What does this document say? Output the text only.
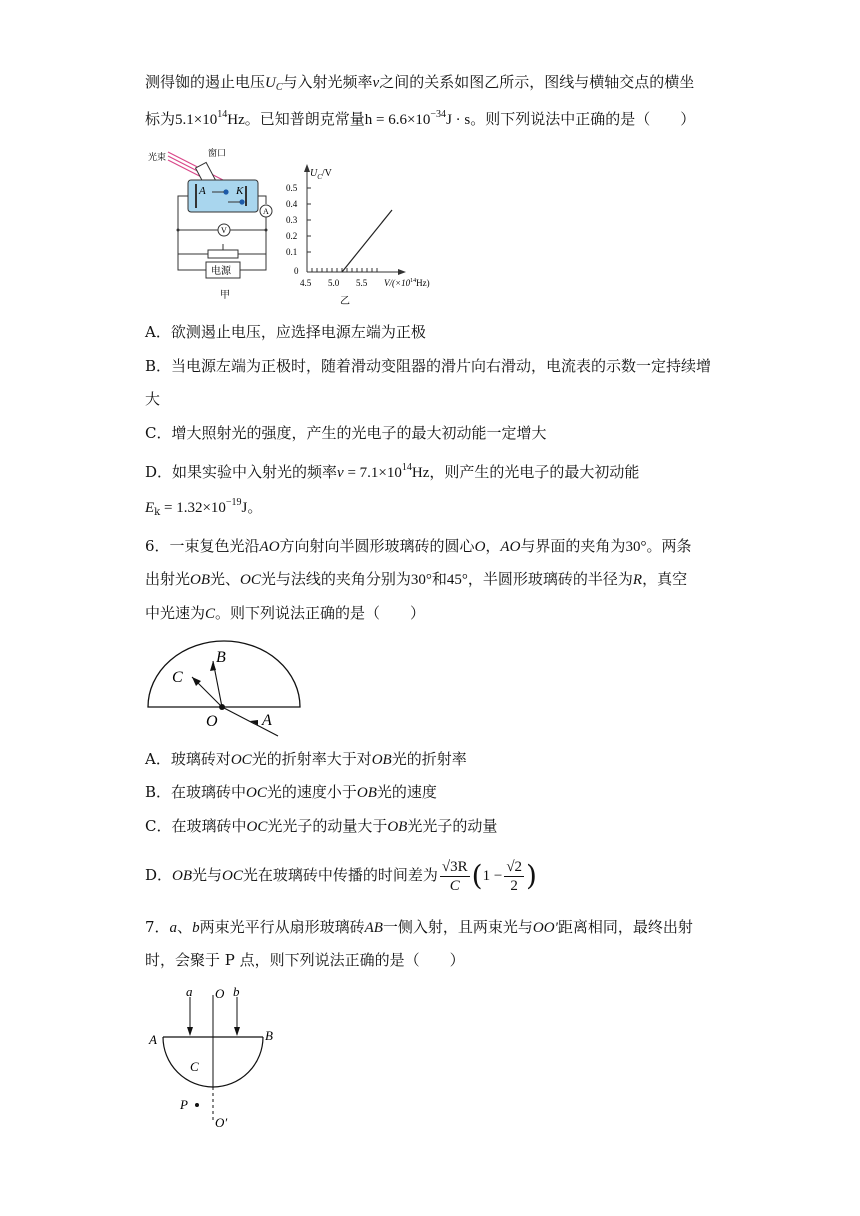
测得铷的遏止电压$U_C$与入射光频率v之间的关系如图乙所示，图线与横轴交点的横坐
标为$5.1\times 10^{14}Hz$。已知普朗克常量$h = 6.6\times 10^{-34}J \cdot s$。则下列说法中正确的是（　　）
光束	窗口
A	K
A
V
电源
甲
$U_C/V$
0.5
0.4
0.3
0.2
0.1
0
4.5 5.0 5.5 $V/(\times 10^{14}Hz)$
乙
A．欲测遏止电压，应选择电源左端为正极
B．当电源左端为正极时，随着滑动变阻器的滑片向右滑动，电流表的示数一定持续增
大
C．增大照射光的强度，产生的光电子的最大初动能一定增大
D．如果实验中入射光的频率$v = 7.1\times 10^{14}Hz$，则产生的光电子的最大初动能
$E_k = 1.32\times 10^{-19}J$。
6．一束复色光沿AO方向射向半圆形玻璃砖的圆心O，AO与界面的夹角为30°。两条
出射光OB光、OC光与法线的夹角分别为30°和45°，半圆形玻璃砖的半径为R，真空
中光速为C。则下列说法正确的是（　　）
B
C
O	A
A．玻璃砖对OC光的折射率大于对OB光的折射率
B．在玻璃砖中OC光的速度小于OB光的速度
C．在玻璃砖中OC光光子的动量大于OB光光子的动量
D．OB光与OC光在玻璃砖中传播的时间差为 $\frac{√3R}{C} (1 - \frac{√2}{2}$ )
7．a、b两束光平行从扇形玻璃砖AB一侧入射，且两束光与OO′距离相同，最终出射
时，会聚于 P 点，则下列说法正确的是（　　）
a O b
A	B
C
P
O′
